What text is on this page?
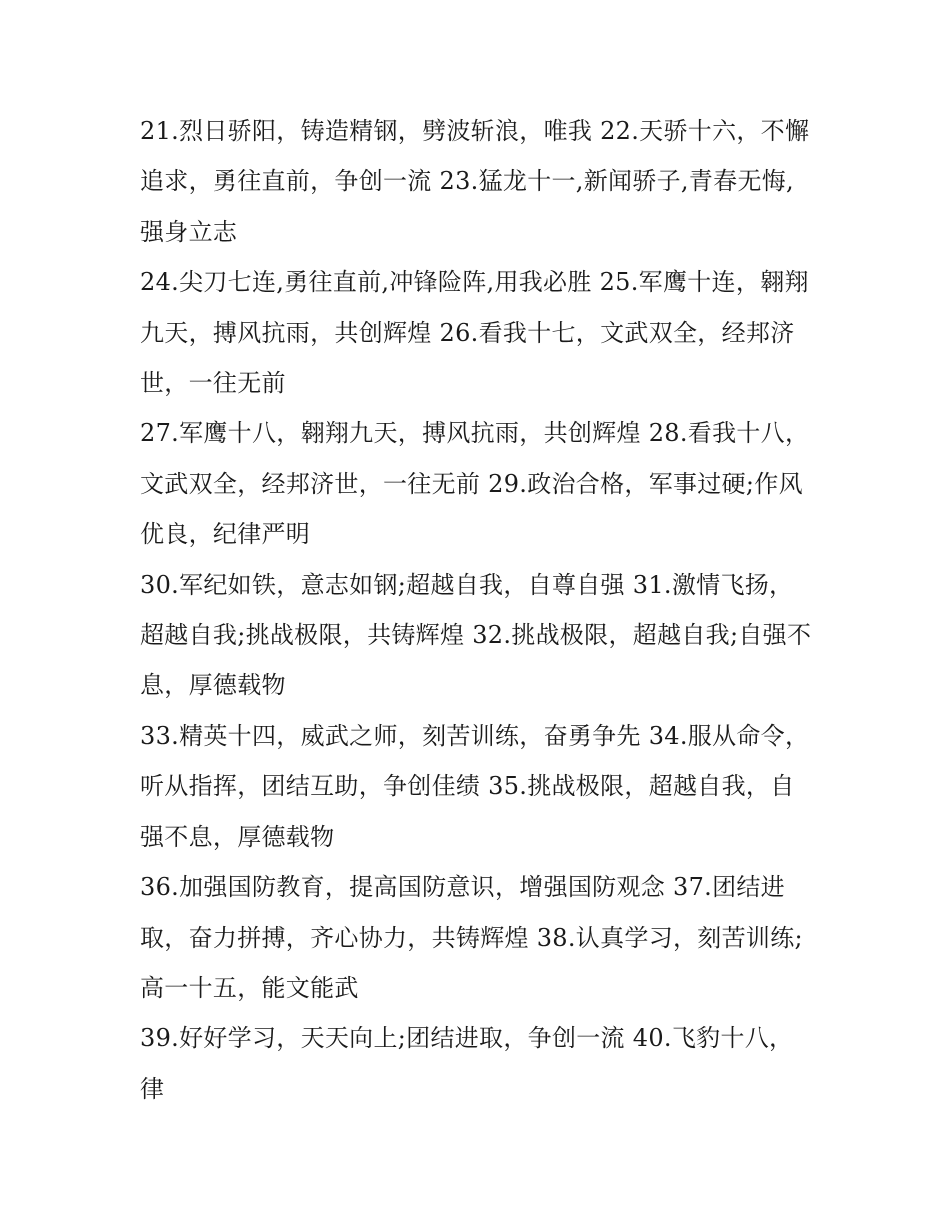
21.烈日骄阳，铸造精钢，劈波斩浪，唯我 22.天骄十六，不懈追求，勇往直前，争创一流 23.猛龙十一,新闻骄子,青春无悔,强身立志

24.尖刀七连,勇往直前,冲锋险阵,用我必胜 25.军鹰十连，翱翔九天，搏风抗雨，共创辉煌 26.看我十七，文武双全，经邦济世，一往无前

27.军鹰十八，翱翔九天，搏风抗雨，共创辉煌 28.看我十八，文武双全，经邦济世，一往无前 29.政治合格，军事过硬;作风优良，纪律严明

30.军纪如铁，意志如钢;超越自我，自尊自强 31.激情飞扬，超越自我;挑战极限，共铸辉煌 32.挑战极限，超越自我;自强不息，厚德载物

33.精英十四，威武之师，刻苦训练，奋勇争先 34.服从命令，听从指挥，团结互助，争创佳绩 35.挑战极限，超越自我，自强不息，厚德载物

36.加强国防教育，提高国防意识，增强国防观念 37.团结进取，奋力拼搏，齐心协力，共铸辉煌 38.认真学习，刻苦训练;高一十五，能文能武

39.好好学习，天天向上;团结进取，争创一流 40.飞豹十八，律
